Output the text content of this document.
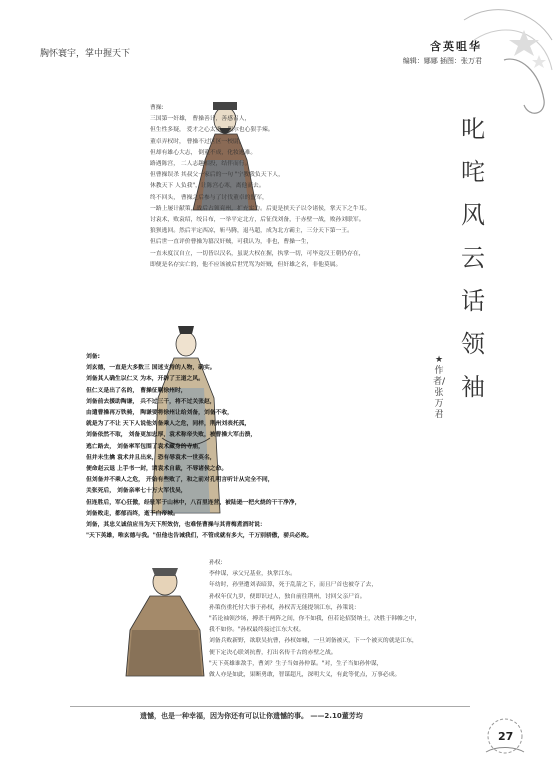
胸怀寰宇，掌中握天下
含英咀华
编辑：娜娜 插图：张万君
叱
咤
风
云
话
领
袖
★作者/张万君

曹操:

三国第一奸雄， 曹操善计，善感召人，

但生性多疑， 爱才之心太重。偶尔也心狠手辣。

董卓弄权时， 曹操不过区区一校尉，

但却有雄心大志， 倒董不成，化妆逃难。

路遇陈宫， 二人志趣相投，结伴而行。

但曹操误杀 其叔父一家后的一句 "宁教我负天下人，

休教天下 人负我"，让陈宫心寒，离他而去。

终不回头， 曹操之后参与了讨伐董卓的盟军，

一路上屡计献策，战后占领兖州，扩充实力。后更是挟天子以令诸侯，掌天下之牛耳。

讨袁术，败袁绍，绞吕布，一举平定北方，后征伐刘备，于赤壁一战，败孙刘联军。

狼狈逃回。然后平定西凉，斩马腾，退马超，成为北方霸主，三分天下第一王。

但后世一直评价曹操为篡汉奸贼，可我认为，非也，曹操一生，

一直未度汉自立，一切皆以汉名，虽说大权在握，执掌一切，可毕竟汉王朝仍存在，

即便是名存实亡的，他不应该被后世咒骂为奸贼，但奸雄之名，非他莫属。

刘备:

刘玄德，一直是大多数三 国迷支持的人物，确实。

刘备其人确生以仁义 为本，开辟了王道之风。

但仁义是出了名的， 曹操征剿徐州时，

刘备前去援助陶谦， 兵不过三千，将不过关张赵，

由遣曹操再万铁骑， 陶谦要将徐州让给刘备，刘备不收，

就是为了不让 天下人说他刘备乘人之危，同样，荆州刘表托孤，

刘备依然不取， 刘备更加忠厚，袁术称帝失败，被曹操大军击溃，

逃亡路去， 刘备率军包围了袁术藏身的寺庙，

但并未生擒 袁术并且出来，恐有辱袁术一世英名，

便命赵云退 上手书一封，请袁术自裁，不辱诸侯之命。

但刘备并不乘人之危， 开始有些败了，和之前对孔明言听计从完全不同，

关张死后， 刘备亲率七十万大军伐吴，

但连胜后，军心狂傲，经驻军于山林中，八百里连营，被陆逊一把火烧的干干净净，

刘备败走，都郁而终，逝于白帝城。

刘备，其忠义诚信应当为天下所效仿，也难怪曹操与其青梅煮酒时说：

"天下英雄，唯玄德与我。"但他也告诫我们，不管成就有多大，千万别骄傲，骄兵必败。

孙权:

李仲谋，承父兄基业，执掌江东。

年幼时，孙坚遭刘表暗算，死于乱箭之下，而且尸首也被夺了去，

孙权年仅九岁，便即识过人，独自前往荆州，讨回父亲尸首。

孙策伤重托付大事于孙权，孙权苦无能提领江东，孙策说：

"若论袖领沙场，搏杀于两阵之间，你不如我，但若论招贤纳士，决胜于韩帷之中，

我不如你。"孙权最终接过江东大权。

刘备兵败新野，欲联吴抗曹，孙权如嘘，一旦刘备被灭，下一个被灭的就是江东，

便下定决心联刘抗曹，打出名传千古的赤壁之战。

"天下英雄谁敌手，曹刘？生子当如孙仲谋。"对，生子当如孙仲谋，

做人亦是如此，果断勇敢，智谋超凡，深明大义，有此等优点，万事必成。

遗憾，也是一种幸福，因为你还有可以让你遗憾的事。 ——2.10董芳均
27
